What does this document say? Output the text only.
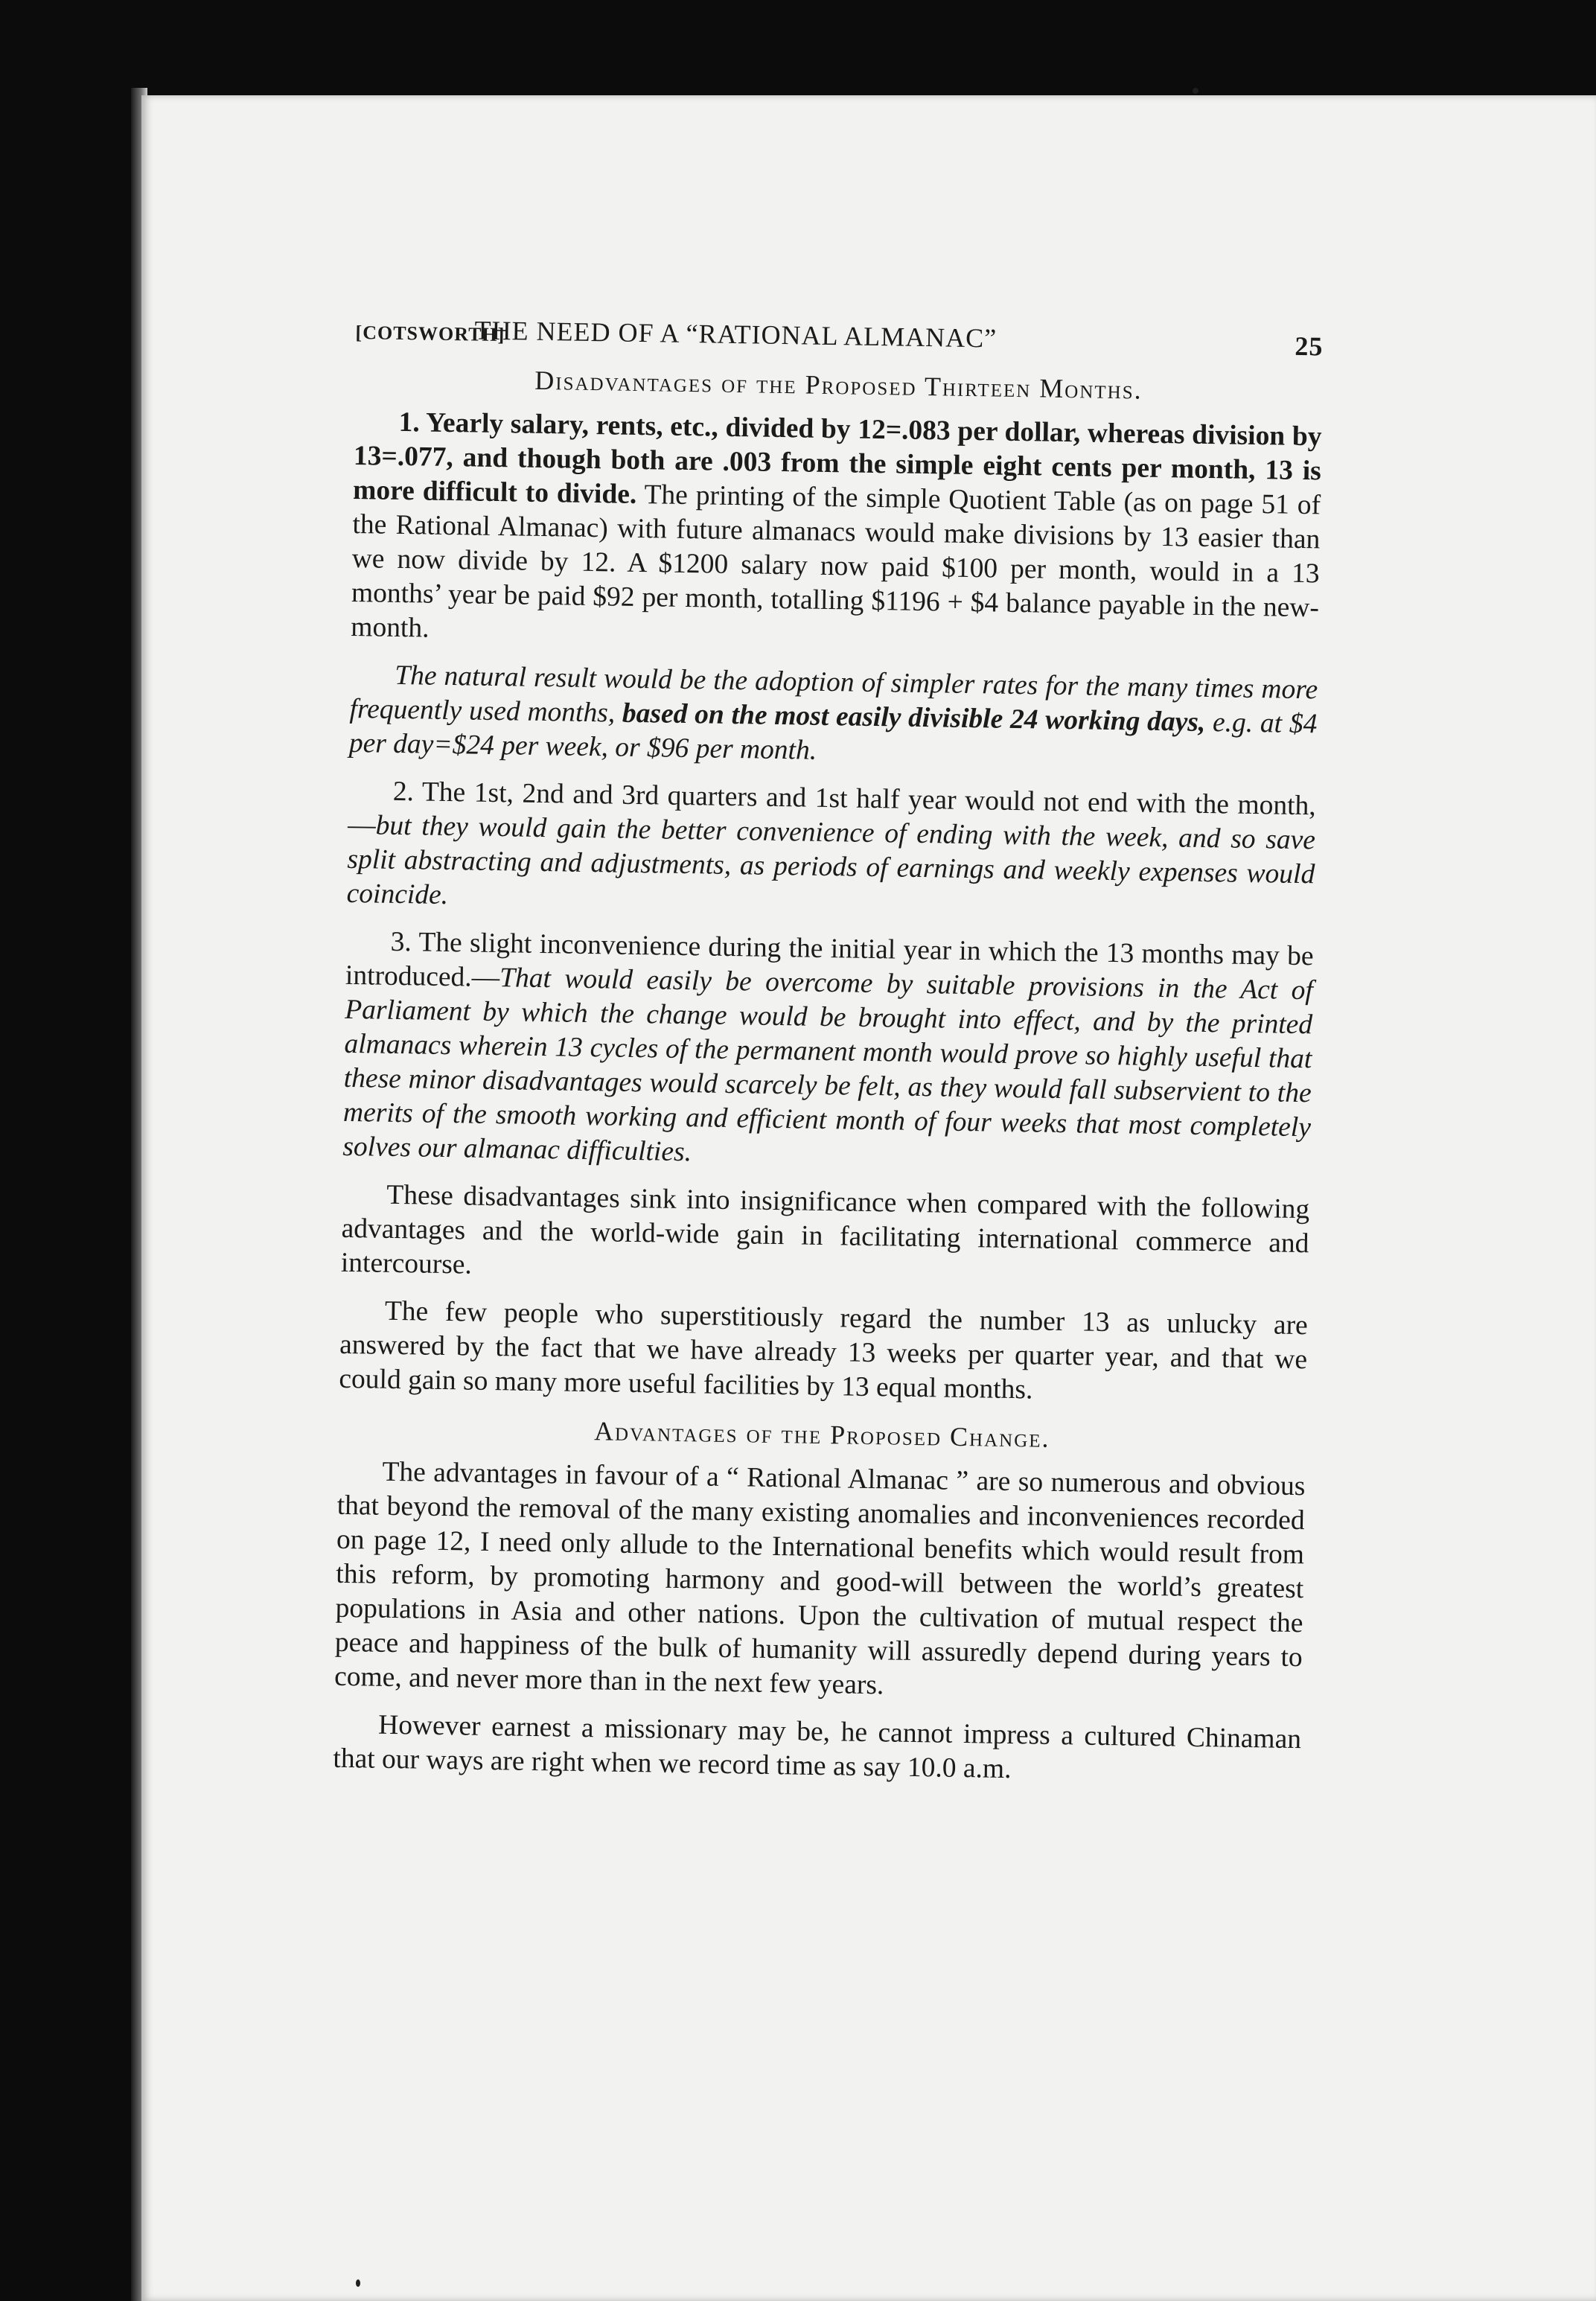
[COTSWORTH]
THE NEED OF A “RATIONAL ALMANAC”	25
Disadvantages of the Proposed Thirteen Months.

1. Yearly salary, rents, etc., divided by 12=.083 per dollar, whereas division by 13=.077, and though both are .003 from the simple eight cents per month, 13 is more difficult to divide. The printing of the simple Quotient Table (as on page 51 of the Rational Almanac) with future almanacs would make divisions by 13 easier than we now divide by 12. A $1200 salary now paid $100 per month, would in a 13 months’ year be paid $92 per month, totalling $1196 + $4 balance payable in the new-month.

The natural result would be the adoption of simpler rates for the many times more frequently used months, based on the most easily divisible 24 working days, e.g. at $4 per day=$24 per week, or $96 per month.

2. The 1st, 2nd and 3rd quarters and 1st half year would not end with the month,—but they would gain the better convenience of ending with the week, and so save split abstracting and adjustments, as periods of earnings and weekly expenses would coincide.

3. The slight inconvenience during the initial year in which the 13 months may be introduced.—That would easily be overcome by suitable provisions in the Act of Parliament by which the change would be brought into effect, and by the printed almanacs wherein 13 cycles of the permanent month would prove so highly useful that these minor disadvantages would scarcely be felt, as they would fall subservient to the merits of the smooth working and efficient month of four weeks that most completely solves our almanac difficulties.

These disadvantages sink into insignificance when compared with the following advantages and the world-wide gain in facilitating international commerce and intercourse.

The few people who superstitiously regard the number 13 as unlucky are answered by the fact that we have already 13 weeks per quarter year, and that we could gain so many more useful facilities by 13 equal months.

Advantages of the Proposed Change.

The advantages in favour of a “ Rational Almanac ” are so numerous and obvious that beyond the removal of the many existing anomalies and inconveniences recorded on page 12, I need only allude to the International benefits which would result from this reform, by promoting harmony and good-will between the world’s greatest populations in Asia and other nations. Upon the cultivation of mutual respect the peace and happiness of the bulk of humanity will assuredly depend during years to come, and never more than in the next few years.

However earnest a missionary may be, he cannot impress a cultured Chinaman that our ways are right when we record time as say 10.0 a.m.
